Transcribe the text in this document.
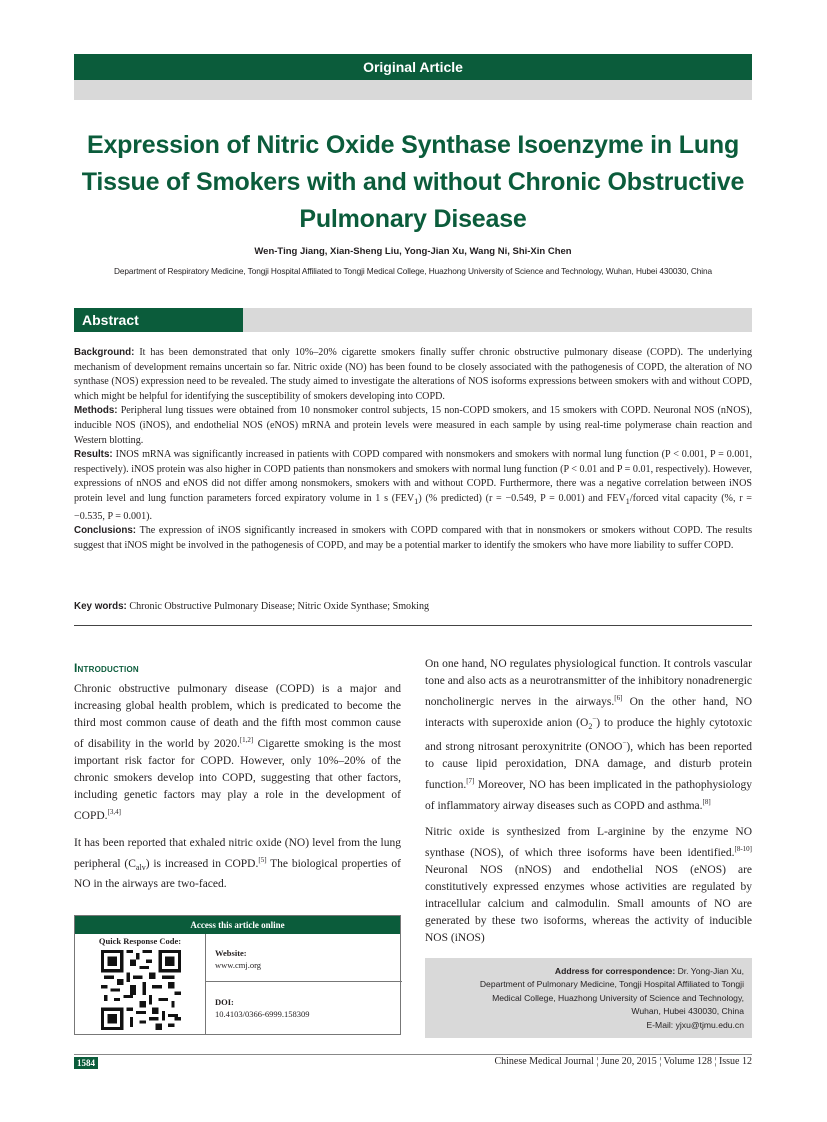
Original Article
Expression of Nitric Oxide Synthase Isoenzyme in Lung Tissue of Smokers with and without Chronic Obstructive Pulmonary Disease
Wen-Ting Jiang, Xian-Sheng Liu, Yong-Jian Xu, Wang Ni, Shi-Xin Chen
Department of Respiratory Medicine, Tongji Hospital Affiliated to Tongji Medical College, Huazhong University of Science and Technology, Wuhan, Hubei 430030, China
Abstract

Background: It has been demonstrated that only 10%–20% cigarette smokers finally suffer chronic obstructive pulmonary disease (COPD). The underlying mechanism of development remains uncertain so far. Nitric oxide (NO) has been found to be closely associated with the pathogenesis of COPD, the alteration of NO synthase (NOS) expression need to be revealed. The study aimed to investigate the alterations of NOS isoforms expressions between smokers with and without COPD, which might be helpful for identifying the susceptibility of smokers developing into COPD.

Methods: Peripheral lung tissues were obtained from 10 nonsmoker control subjects, 15 non-COPD smokers, and 15 smokers with COPD. Neuronal NOS (nNOS), inducible NOS (iNOS), and endothelial NOS (eNOS) mRNA and protein levels were measured in each sample by using real-time polymerase chain reaction and Western blotting.

Results: INOS mRNA was significantly increased in patients with COPD compared with nonsmokers and smokers with normal lung function (P < 0.001, P = 0.001, respectively). iNOS protein was also higher in COPD patients than nonsmokers and smokers with normal lung function (P < 0.01 and P = 0.01, respectively). However, expressions of nNOS and eNOS did not differ among nonsmokers, smokers with and without COPD. Furthermore, there was a negative correlation between iNOS protein level and lung function parameters forced expiratory volume in 1 s $(FEV_1)$ (% predicted) (r = −0.549, P = 0.001) and $FEV_1$/forced vital capacity (%, r = −0.535, P = 0.001).

Conclusions: The expression of iNOS significantly increased in smokers with COPD compared with that in nonsmokers or smokers without COPD. The results suggest that iNOS might be involved in the pathogenesis of COPD, and may be a potential marker to identify the smokers who have more liability to suffer COPD.

Key words: Chronic Obstructive Pulmonary Disease; Nitric Oxide Synthase; Smoking
Introduction

Chronic obstructive pulmonary disease (COPD) is a major and increasing global health problem, which is predicated to become the third most common cause of death and the fifth most common cause of disability in the world by 2020.[1,2] Cigarette smoking is the most important risk factor for COPD. However, only 10%–20% of the chronic smokers develop into COPD, suggesting that other factors, including genetic factors may play a role in the development of COPD.[3,4]

It has been reported that exhaled nitric oxide (NO) level from the lung peripheral $(C_{alv})$ is increased in COPD.[5] The biological properties of NO in the airways are two-faced.

On one hand, NO regulates physiological function. It controls vascular tone and also acts as a neurotransmitter of the inhibitory nonadrenergic noncholinergic nerves in the airways.[6] On the other hand, NO interacts with superoxide anion $(O_2^-)$ to produce the highly cytotoxic and strong nitrosant peroxynitrite (ONOO−), which has been reported to cause lipid peroxidation, DNA damage, and disturb protein function.[7] Moreover, NO has been implicated in the pathophysiology of inflammatory airway diseases such as COPD and asthma.[8]

Nitric oxide is synthesized from L-arginine by the enzyme NO synthase (NOS), of which three isoforms have been identified.[8-10] Neuronal NOS (nNOS) and endothelial NOS (eNOS) are constitutively expressed enzymes whose activities are regulated by intracellular calcium and calmodulin. Small amounts of NO are generated by these two isoforms, whereas the activity of inducible NOS (iNOS)

Access this article online
Quick Response Code:
Website:
www.cmj.org
DOI:
10.4103/0366-6999.158309
Address for correspondence: Dr. Yong-Jian Xu,
Department of Pulmonary Medicine, Tongji Hospital Affiliated to Tongji
Medical College, Huazhong University of Science and Technology,
Wuhan, Hubei 430030, China
E-Mail: yjxu@tjmu.edu.cn
1584	Chinese Medical Journal ¦ June 20, 2015 ¦ Volume 128 ¦ Issue 12
